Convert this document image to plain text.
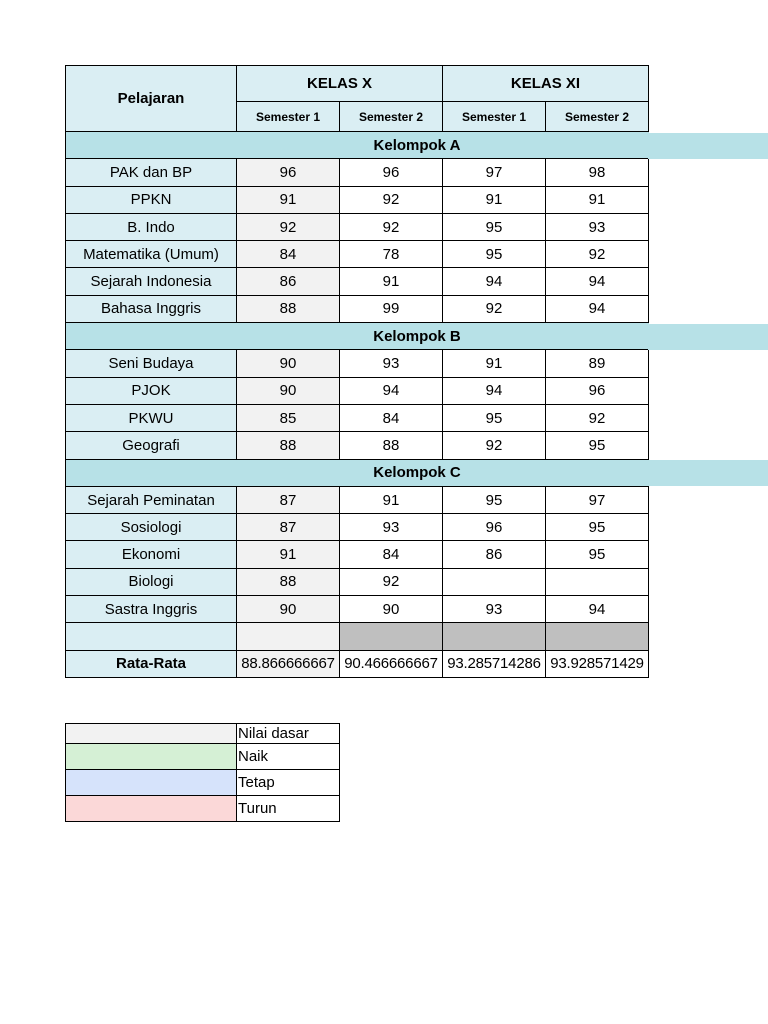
Pelajaran	KELAS X		KELAS XI	
	Semester 1	Semester 2	Semester 1	Semester 2
Kelompok A				
PAK dan BP	96	96	97	98
PPKN	91	92	91	91
B. Indo	92	92	95	93
Matematika (Umum)	84	78	95	92
Sejarah Indonesia	86	91	94	94
Bahasa Inggris	88	99	92	94
Kelompok B				
Seni Budaya	90	93	91	89
PJOK	90	94	94	96
PKWU	85	84	95	92
Geografi	88	88	92	95
Kelompok C				
Sejarah Peminatan	87	91	95	97
Sosiologi	87	93	96	95
Ekonomi	91	84	86	95
Biologi	88	92		
Sastra Inggris	90	90	93	94

Rata-Rata	88.866666667	90.466666667	93.285714286	93.928571429
	Nilai dasar
	Naik
	Tetap
	Turun
